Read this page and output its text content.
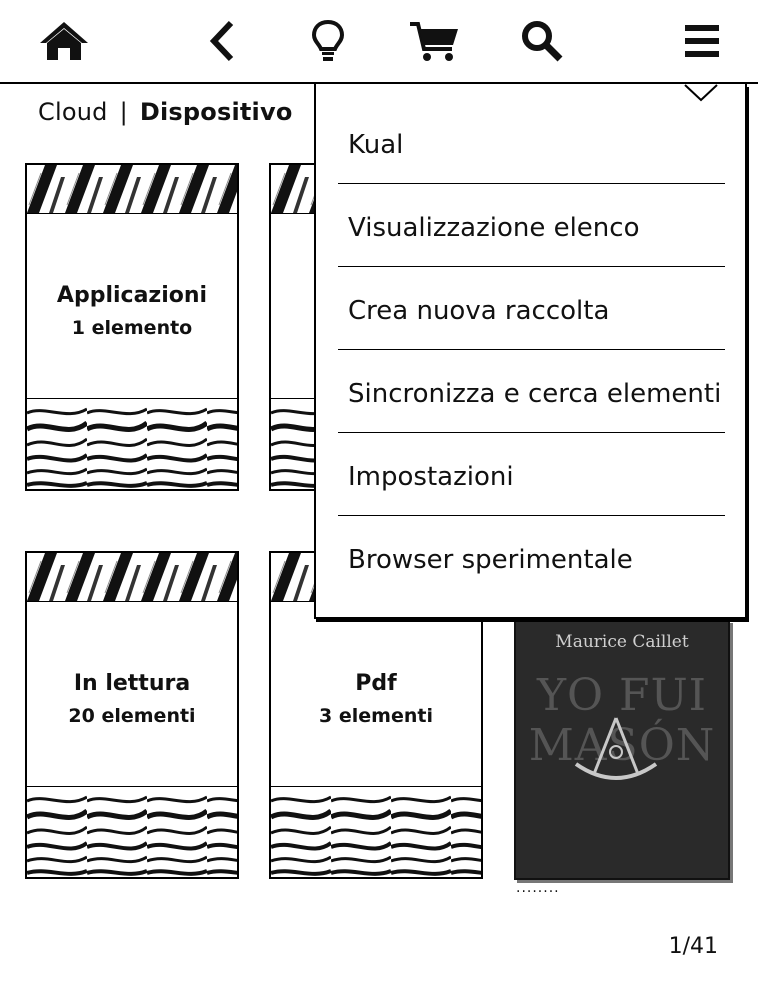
Cloud | Dispositivo
Applicazioni
1 elemento
In lettura
20 elementi
Pdf
3 elementi
Maurice Caillet
YO FUI
MASÓN
........
1/41
Kual
Visualizzazione elenco
Crea nuova raccolta
Sincronizza e cerca elementi
Impostazioni
Browser sperimentale
